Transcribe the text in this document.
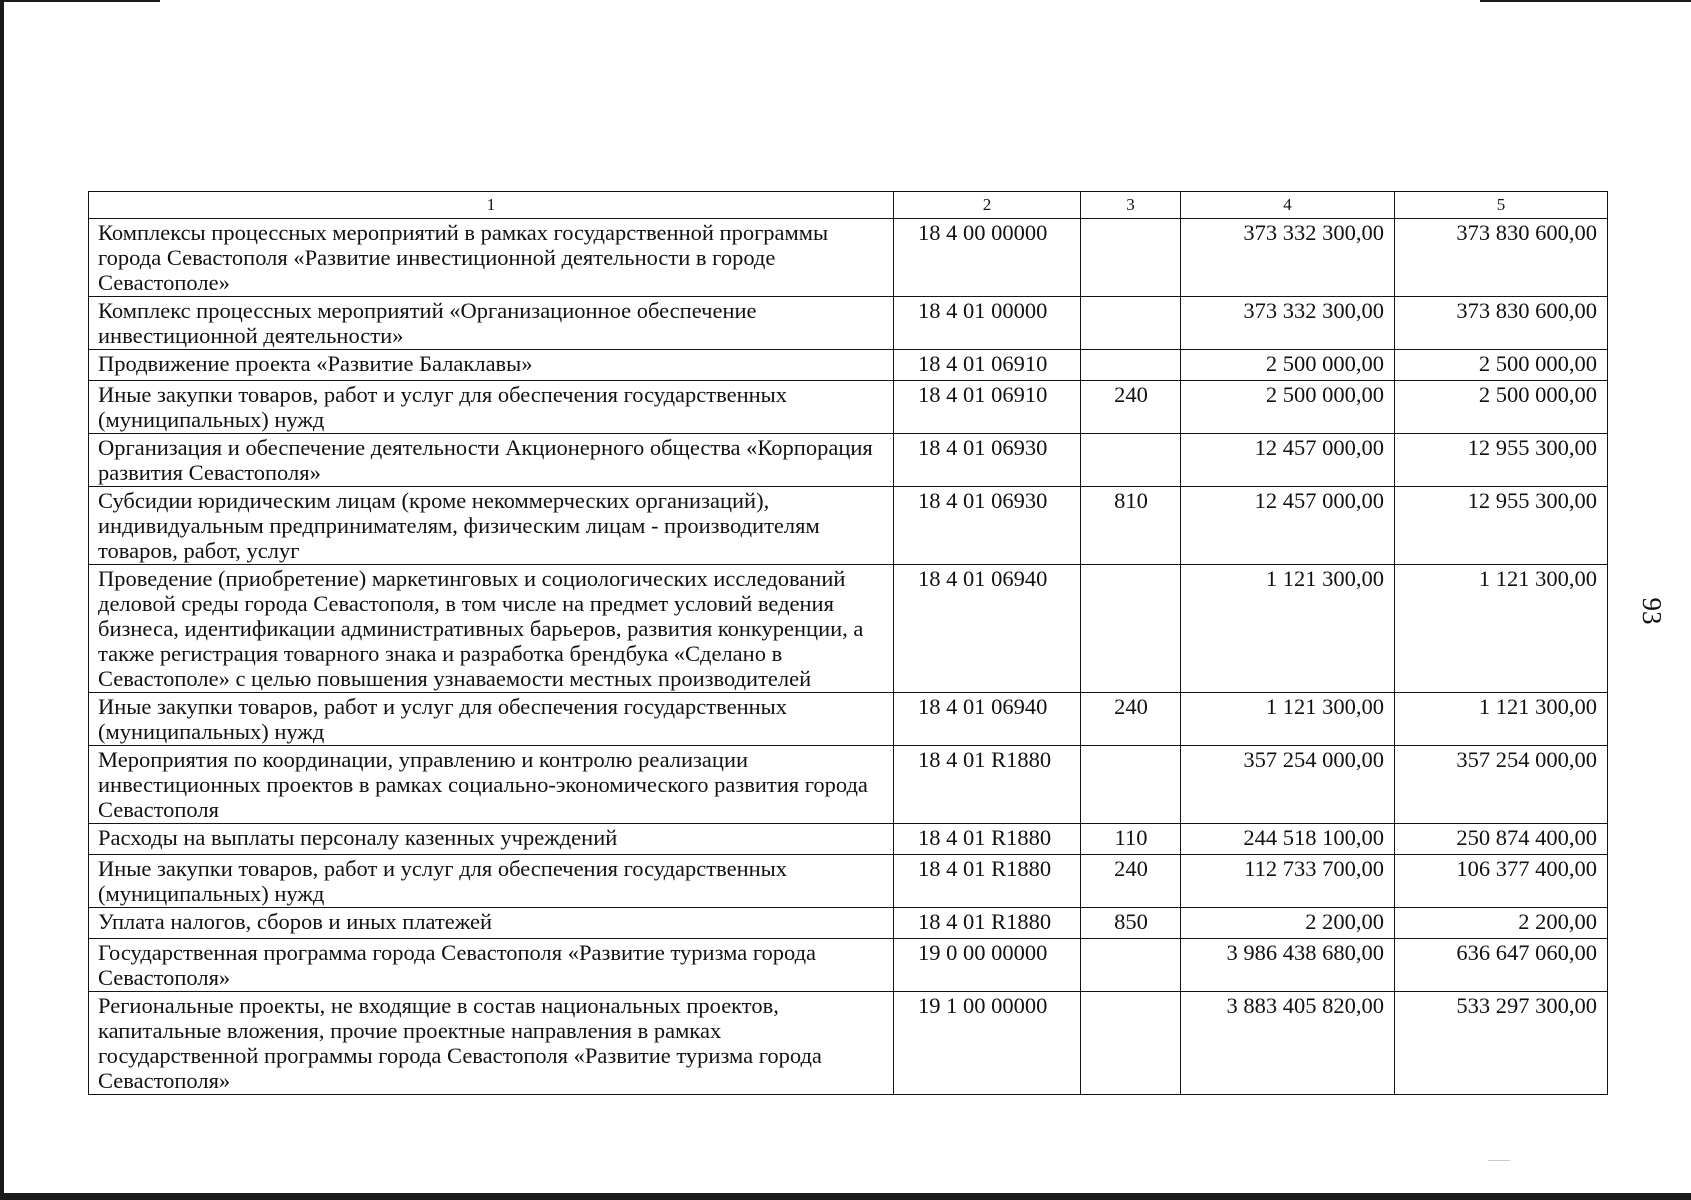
1	2	3	4	5
Комплексы процессных мероприятий в рамках государственной программы города Севастополя «Развитие инвестиционной деятельности в городе Севастополе»	18 4 00 00000		373 332 300,00	373 830 600,00
Комплекс процессных мероприятий «Организационное обеспечение инвестиционной деятельности»	18 4 01 00000		373 332 300,00	373 830 600,00
Продвижение проекта «Развитие Балаклавы»	18 4 01 06910		2 500 000,00	2 500 000,00
Иные закупки товаров, работ и услуг для обеспечения государственных (муниципальных) нужд	18 4 01 06910	240	2 500 000,00	2 500 000,00
Организация и обеспечение деятельности Акционерного общества «Корпорация развития Севастополя»	18 4 01 06930		12 457 000,00	12 955 300,00
Субсидии юридическим лицам (кроме некоммерческих организаций), индивидуальным предпринимателям, физическим лицам - производителям товаров, работ, услуг	18 4 01 06930	810	12 457 000,00	12 955 300,00
Проведение (приобретение) маркетинговых и социологических исследований деловой среды города Севастополя, в том числе на предмет условий ведения бизнеса, идентификации административных барьеров, развития конкуренции, а также регистрация товарного знака и разработка брендбука «Сделано в Севастополе» с целью повышения узнаваемости местных производителей	18 4 01 06940		1 121 300,00	1 121 300,00
Иные закупки товаров, работ и услуг для обеспечения государственных (муниципальных) нужд	18 4 01 06940	240	1 121 300,00	1 121 300,00
Мероприятия по координации, управлению и контролю реализации инвестиционных проектов в рамках социально-экономического развития города Севастополя	18 4 01 R1880		357 254 000,00	357 254 000,00
Расходы на выплаты персоналу казенных учреждений	18 4 01 R1880	110	244 518 100,00	250 874 400,00
Иные закупки товаров, работ и услуг для обеспечения государственных (муниципальных) нужд	18 4 01 R1880	240	112 733 700,00	106 377 400,00
Уплата налогов, сборов и иных платежей	18 4 01 R1880	850	2 200,00	2 200,00
Государственная программа города Севастополя «Развитие туризма города Севастополя»	19 0 00 00000		3 986 438 680,00	636 647 060,00
Региональные проекты, не входящие в состав национальных проектов, капитальные вложения, прочие проектные направления в рамках государственной программы города Севастополя «Развитие туризма города Севастополя»	19 1 00 00000		3 883 405 820,00	533 297 300,00
93
